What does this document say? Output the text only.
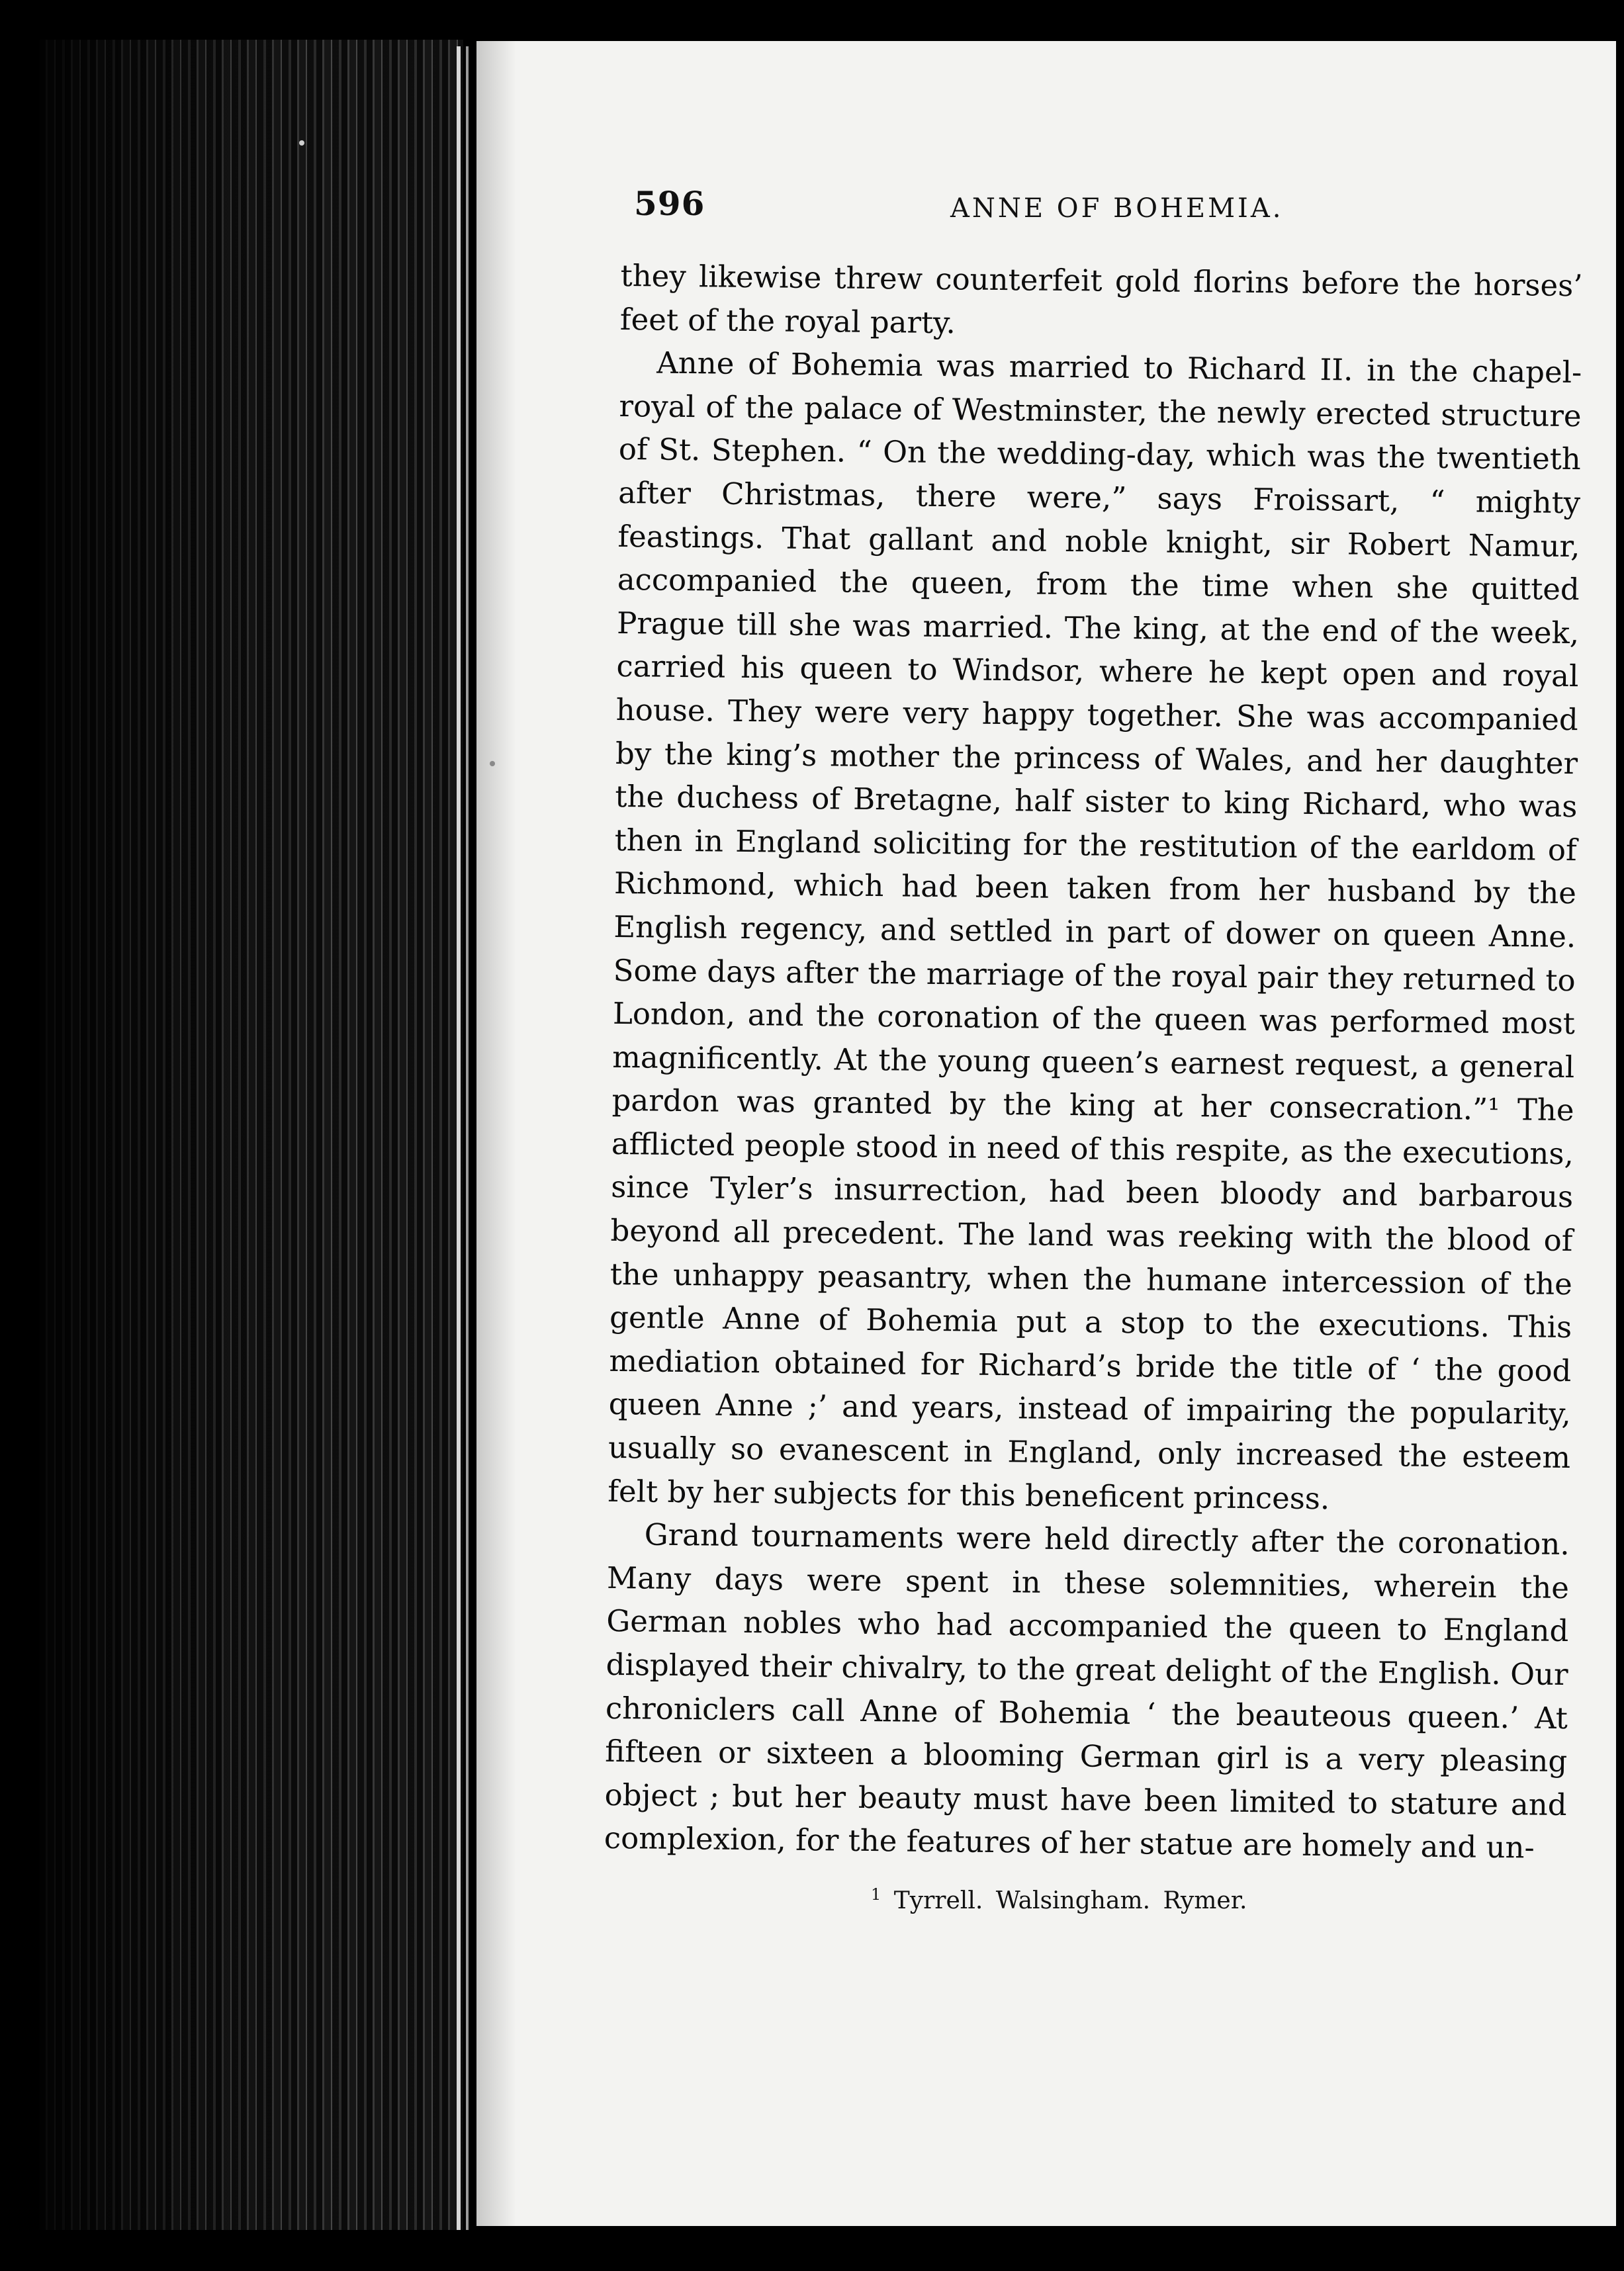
596	ANNE OF BOHEMIA.

they likewise threw counterfeit gold florins before the horses’ feet of the royal party.

Anne of Bohemia was married to Richard II. in the chapel-royal of the palace of Westminster, the newly erected structure of St. Stephen. “ On the wedding-day, which was the twentieth after Christmas, there were,” says Froissart, “ mighty feastings. That gallant and noble knight, sir Robert Namur, accompanied the queen, from the time when she quitted Prague till she was married. The king, at the end of the week, carried his queen to Windsor, where he kept open and royal house. They were very happy together. She was accompanied by the king’s mother the princess of Wales, and her daughter the duchess of Bretagne, half sister to king Richard, who was then in England soliciting for the restitution of the earldom of Richmond, which had been taken from her husband by the English regency, and settled in part of dower on queen Anne. Some days after the marriage of the royal pair they returned to London, and the coronation of the queen was performed most magnificently. At the young queen’s earnest request, a general pardon was granted by the king at her consecration.”¹ The afflicted people stood in need of this respite, as the executions, since Tyler’s insurrection, had been bloody and barbarous beyond all precedent. The land was reeking with the blood of the unhappy peasantry, when the humane intercession of the gentle Anne of Bohemia put a stop to the executions. This mediation obtained for Richard’s bride the title of ‘ the good queen Anne ;’ and years, instead of impairing the popularity, usually so evanescent in England, only increased the esteem felt by her subjects for this beneficent princess.

Grand tournaments were held directly after the coronation. Many days were spent in these solemnities, wherein the German nobles who had accompanied the queen to England displayed their chivalry, to the great delight of the English. Our chroniclers call Anne of Bohemia ‘ the beauteous queen.’ At fifteen or sixteen a blooming German girl is a very pleasing object ; but her beauty must have been limited to stature and complexion, for the features of her statue are homely and un-

$^1$ Tyrrell. Walsingham. Rymer.
